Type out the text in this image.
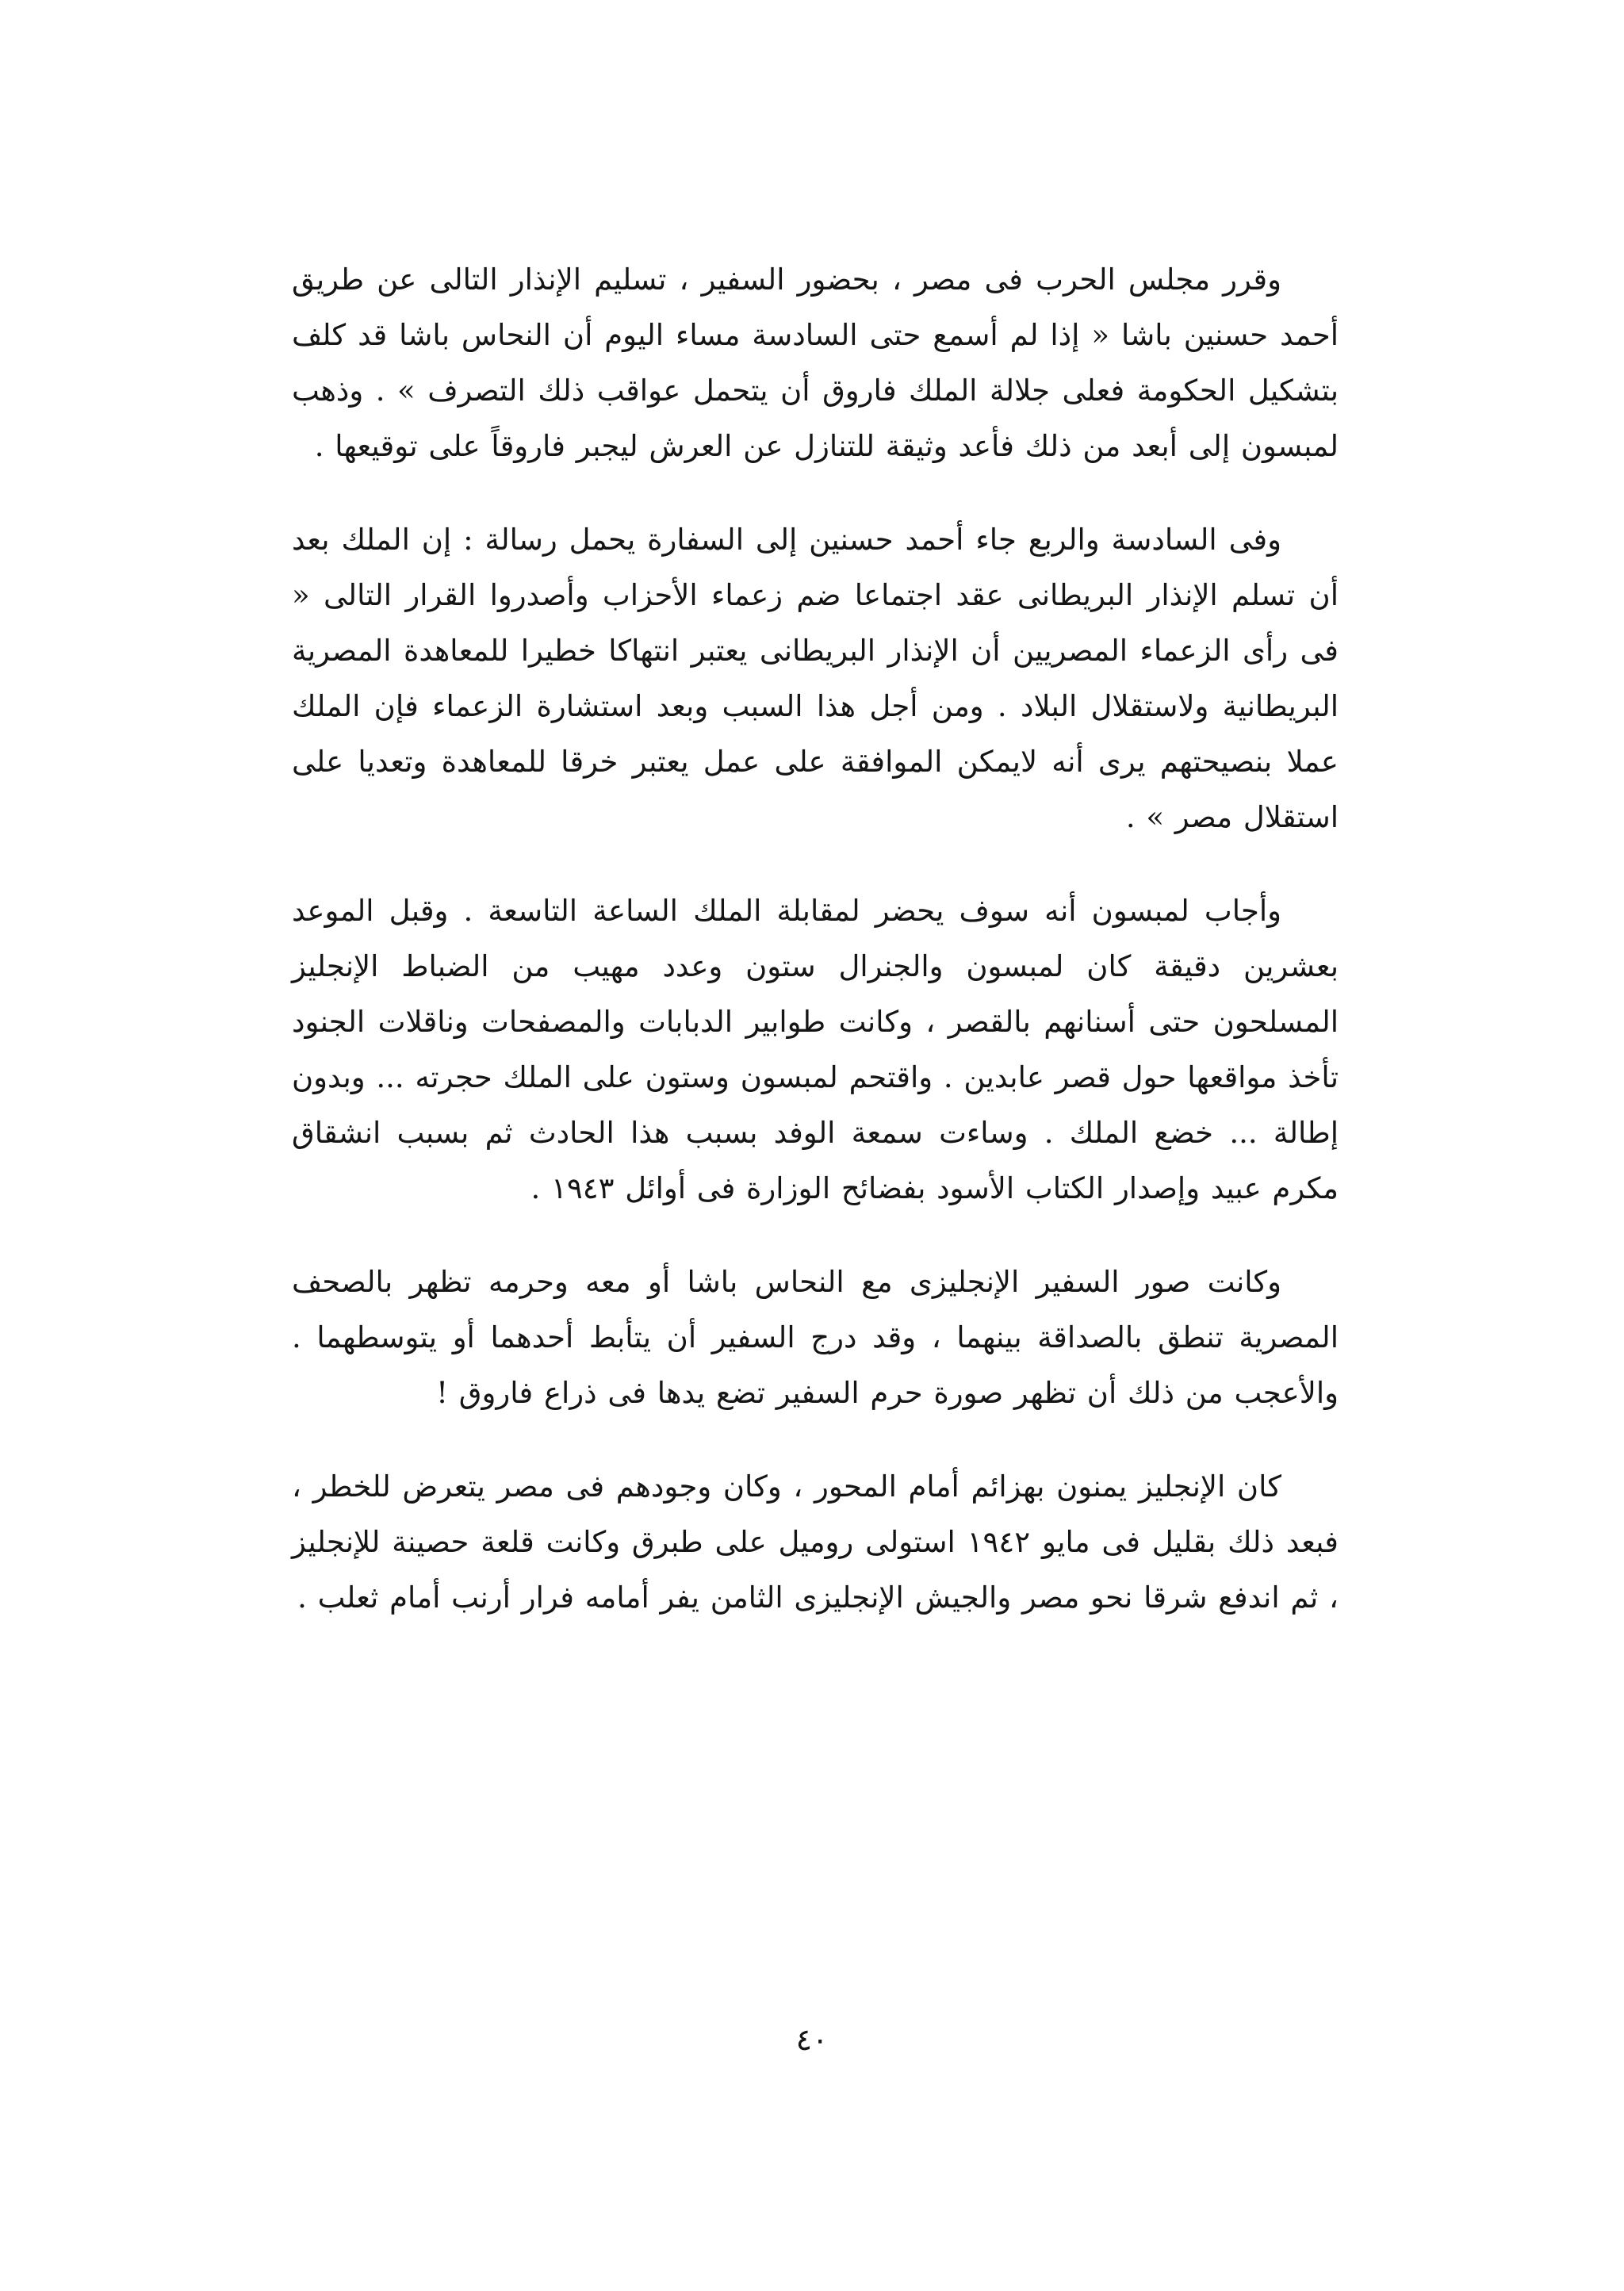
وقرر مجلس الحرب فى مصر ، بحضور السفير ، تسليم الإنذار التالى عن طريق أحمد حسنين باشا « إذا لم أسمع حتى السادسة مساء اليوم أن النحاس باشا قد كلف بتشكيل الحكومة فعلى جلالة الملك فاروق أن يتحمل عواقب ذلك التصرف » . وذهب لمبسون إلى أبعد من ذلك فأعد وثيقة للتنازل عن العرش ليجبر فاروقاً على توقيعها .

وفى السادسة والربع جاء أحمد حسنين إلى السفارة يحمل رسالة : إن الملك بعد أن تسلم الإنذار البريطانى عقد اجتماعا ضم زعماء الأحزاب وأصدروا القرار التالى « فى رأى الزعماء المصريين أن الإنذار البريطانى يعتبر انتهاكا خطيرا للمعاهدة المصرية البريطانية ولاستقلال البلاد . ومن أجل هذا السبب وبعد استشارة الزعماء فإن الملك عملا بنصيحتهم يرى أنه لايمكن الموافقة على عمل يعتبر خرقا للمعاهدة وتعديا على استقلال مصر » .

وأجاب لمبسون أنه سوف يحضر لمقابلة الملك الساعة التاسعة . وقبل الموعد بعشرين دقيقة كان لمبسون والجنرال ستون وعدد مهيب من الضباط الإنجليز المسلحون حتى أسنانهم بالقصر ، وكانت طوابير الدبابات والمصفحات وناقلات الجنود تأخذ مواقعها حول قصر عابدين . واقتحم لمبسون وستون على الملك حجرته ... وبدون إطالة ... خضع الملك . وساءت سمعة الوفد بسبب هذا الحادث ثم بسبب انشقاق مكرم عبيد وإصدار الكتاب الأسود بفضائح الوزارة فى أوائل ١٩٤٣ .

وكانت صور السفير الإنجليزى مع النحاس باشا أو معه وحرمه تظهر بالصحف المصرية تنطق بالصداقة بينهما ، وقد درج السفير أن يتأبط أحدهما أو يتوسطهما . والأعجب من ذلك أن تظهر صورة حرم السفير تضع يدها فى ذراع فاروق !

كان الإنجليز يمنون بهزائم أمام المحور ، وكان وجودهم فى مصر يتعرض للخطر ، فبعد ذلك بقليل فى مايو ١٩٤٢ استولى روميل على طبرق وكانت قلعة حصينة للإنجليز ، ثم اندفع شرقا نحو مصر والجيش الإنجليزى الثامن يفر أمامه فرار أرنب أمام ثعلب .

٤٠
